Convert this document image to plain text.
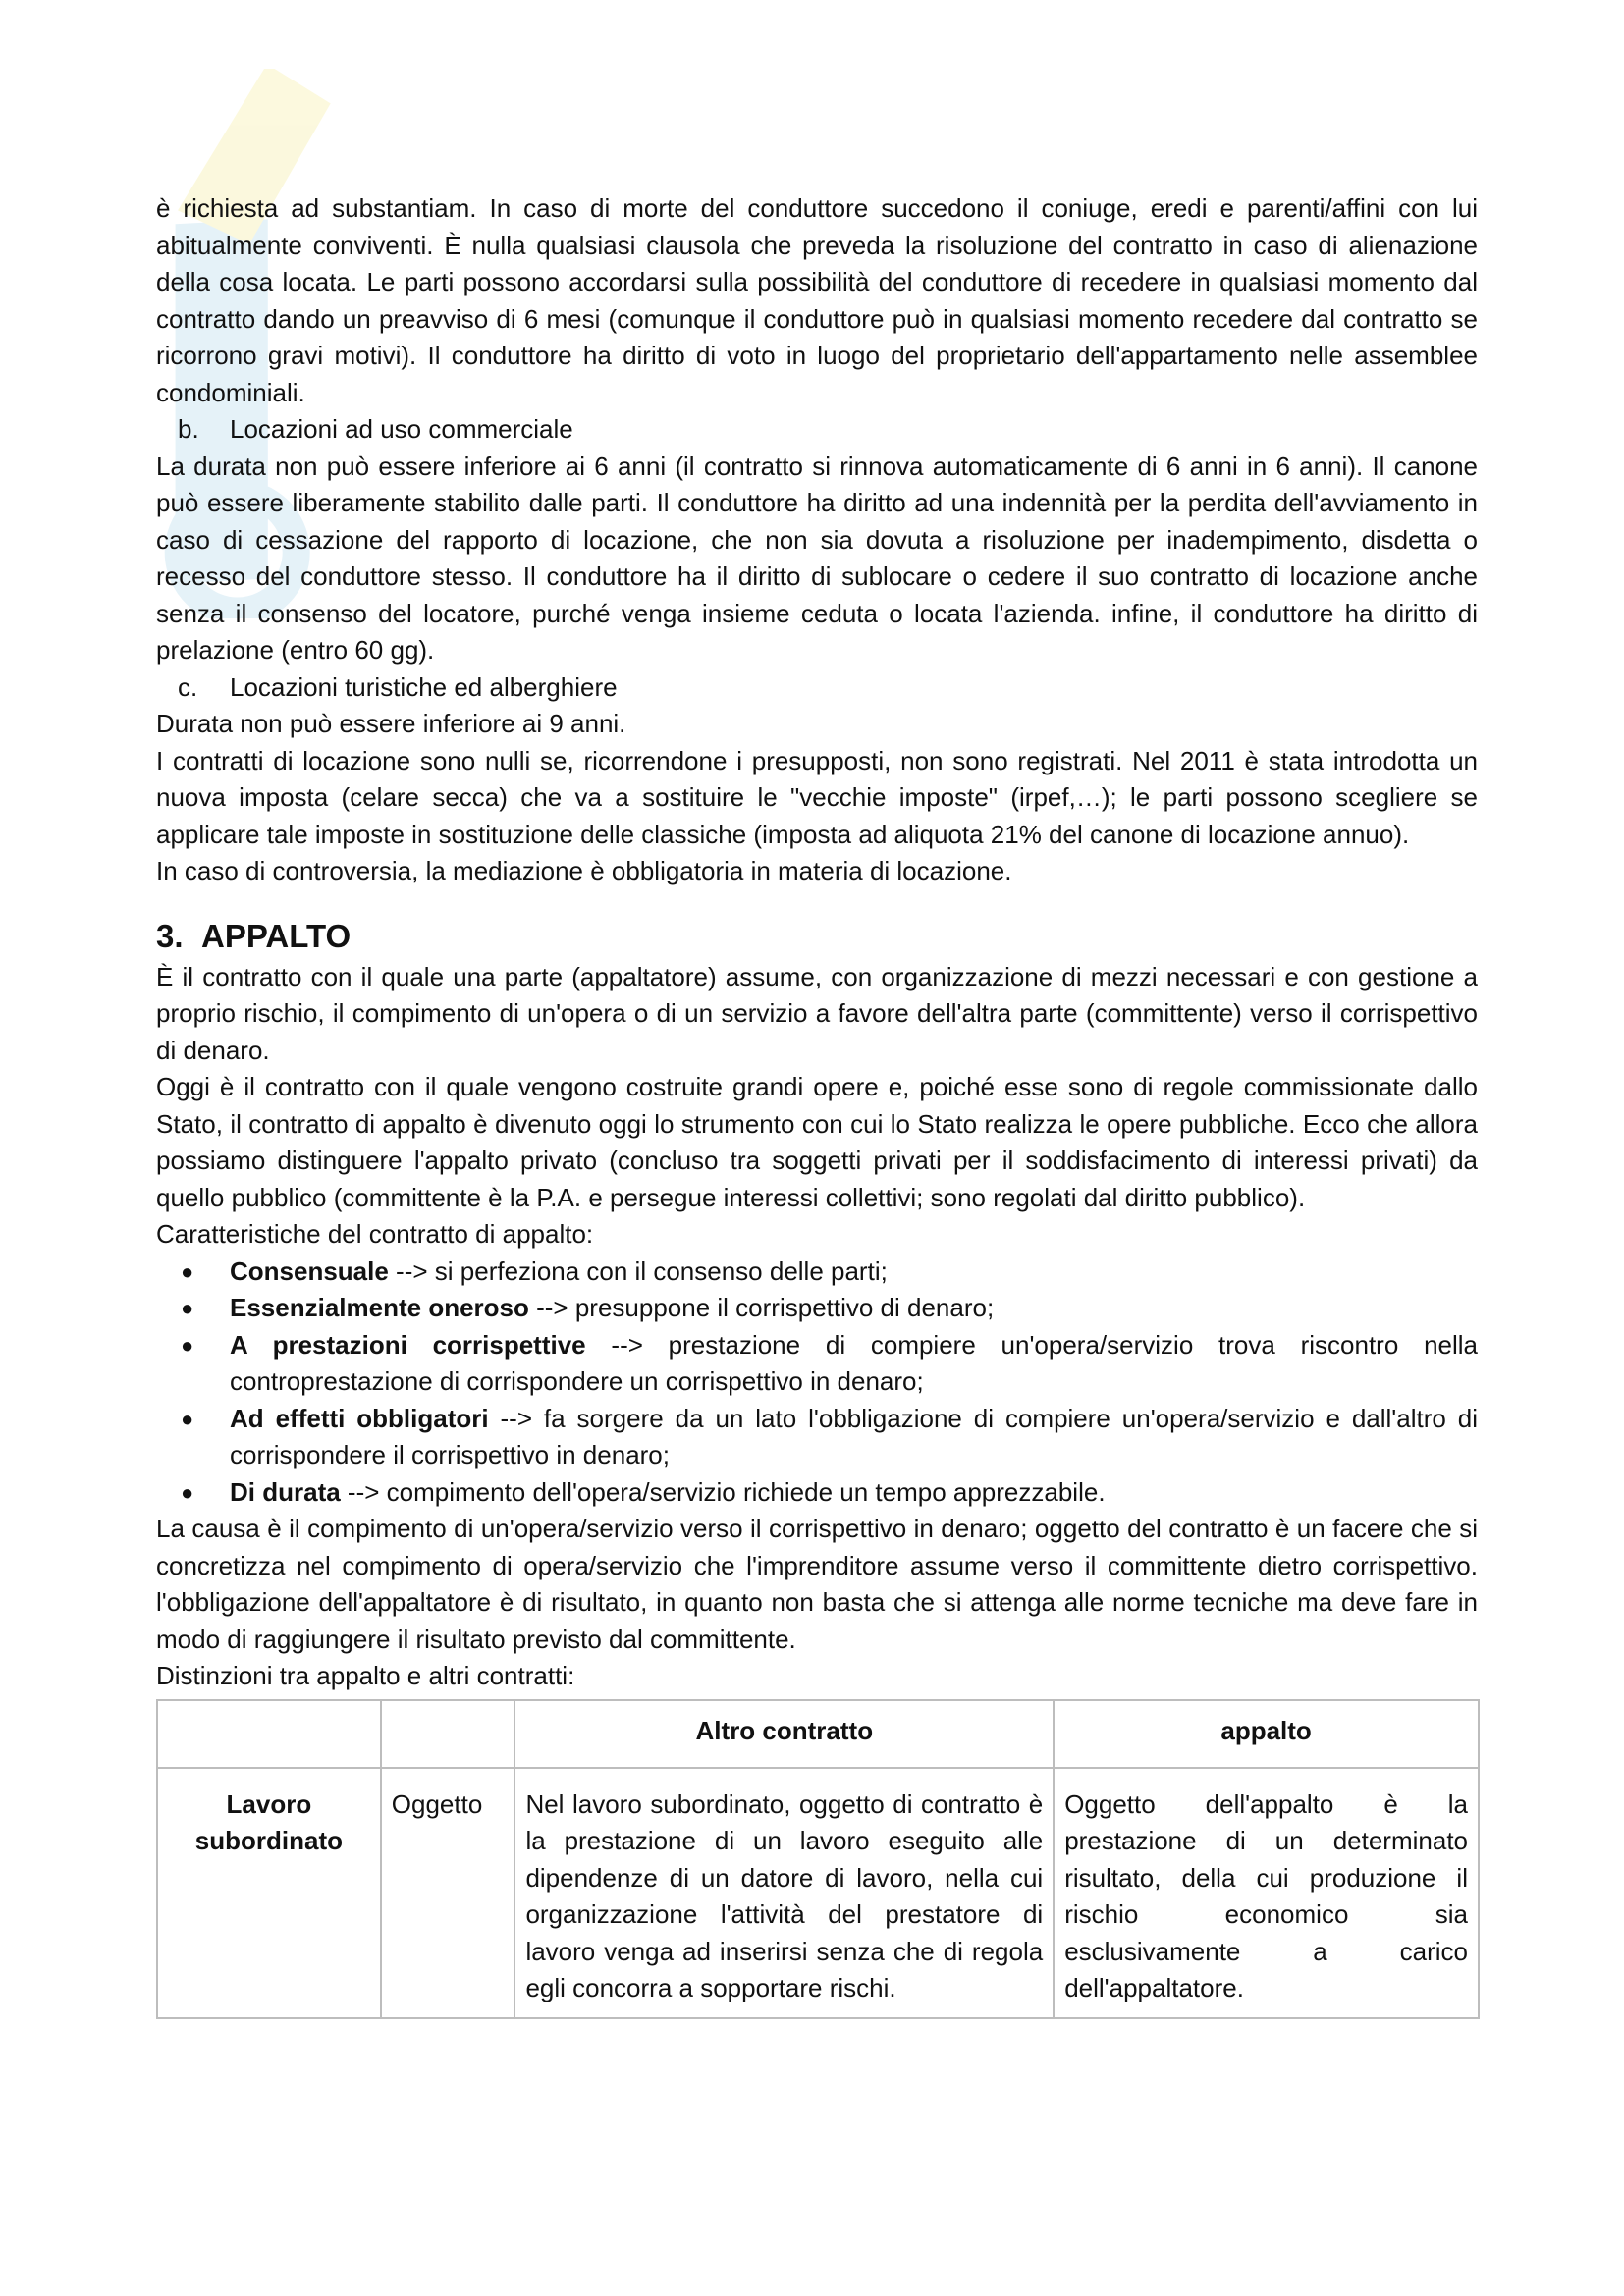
è richiesta ad substantiam. In caso di morte del conduttore succedono il coniuge, eredi e parenti/affini con lui abitualmente conviventi. È nulla qualsiasi clausola che preveda la risoluzione del contratto in caso di alienazione della cosa locata. Le parti possono accordarsi sulla possibilità del conduttore di recedere in qualsiasi momento dal contratto dando un preavviso di 6 mesi (comunque il conduttore può in qualsiasi momento recedere dal contratto se ricorrono gravi motivi). Il conduttore ha diritto di voto in luogo del proprietario dell'appartamento nelle assemblee condominiali.

b. Locazioni ad uso commerciale

La durata non può essere inferiore ai 6 anni (il contratto si rinnova automaticamente di 6 anni in 6 anni). Il canone può essere liberamente stabilito dalle parti. Il conduttore ha diritto ad una indennità per la perdita dell'avviamento in caso di cessazione del rapporto di locazione, che non sia dovuta a risoluzione per inadempimento, disdetta o recesso del conduttore stesso. Il conduttore ha il diritto di sublocare o cedere il suo contratto di locazione anche senza il consenso del locatore, purché venga insieme ceduta o locata l'azienda. infine, il conduttore ha diritto di prelazione (entro 60 gg).

c. Locazioni turistiche ed alberghiere

Durata non può essere inferiore ai 9 anni.

I contratti di locazione sono nulli se, ricorrendone i presupposti, non sono registrati. Nel 2011 è stata introdotta un nuova imposta (celare secca) che va a sostituire le "vecchie imposte" (irpef,…); le parti possono scegliere se applicare tale imposte in sostituzione delle classiche (imposta ad aliquota 21% del canone di locazione annuo).

In caso di controversia, la mediazione è obbligatoria in materia di locazione.

3. APPALTO

È il contratto con il quale una parte (appaltatore) assume, con organizzazione di mezzi necessari e con gestione a proprio rischio, il compimento di un'opera o di un servizio a favore dell'altra parte (committente) verso il corrispettivo di denaro.

Oggi è il contratto con il quale vengono costruite grandi opere e, poiché esse sono di regole commissionate dallo Stato, il contratto di appalto è divenuto oggi lo strumento con cui lo Stato realizza le opere pubbliche. Ecco che allora possiamo distinguere l'appalto privato (concluso tra soggetti privati per il soddisfacimento di interessi privati) da quello pubblico (committente è la P.A. e persegue interessi collettivi; sono regolati dal diritto pubblico).

Caratteristiche del contratto di appalto:

● Consensuale --> si perfeziona con il consenso delle parti;
● Essenzialmente oneroso --> presuppone il corrispettivo di denaro;
● A prestazioni corrispettive --> prestazione di compiere un'opera/servizio trova riscontro nella controprestazione di corrispondere un corrispettivo in denaro;
● Ad effetti obbligatori --> fa sorgere da un lato l'obbligazione di compiere un'opera/servizio e dall'altro di corrispondere il corrispettivo in denaro;
● Di durata --> compimento dell'opera/servizio richiede un tempo apprezzabile.

La causa è il compimento di un'opera/servizio verso il corrispettivo in denaro; oggetto del contratto è un facere che si concretizza nel compimento di opera/servizio che l'imprenditore assume verso il committente dietro corrispettivo. l'obbligazione dell'appaltatore è di risultato, in quanto non basta che si attenga alle norme tecniche ma deve fare in modo di raggiungere il risultato previsto dal committente.

Distinzioni tra appalto e altri contratti:

		Altro contratto	appalto
Lavoro subordinato	Oggetto	Nel lavoro subordinato, oggetto di contratto è la prestazione di un lavoro eseguito alle dipendenze di un datore di lavoro, nella cui organizzazione l'attività del prestatore di lavoro venga ad inserirsi senza che di regola egli concorra a sopportare rischi.	Oggetto dell'appalto è la prestazione di un determinato risultato, della cui produzione il rischio economico sia esclusivamente a carico dell'appaltatore.
